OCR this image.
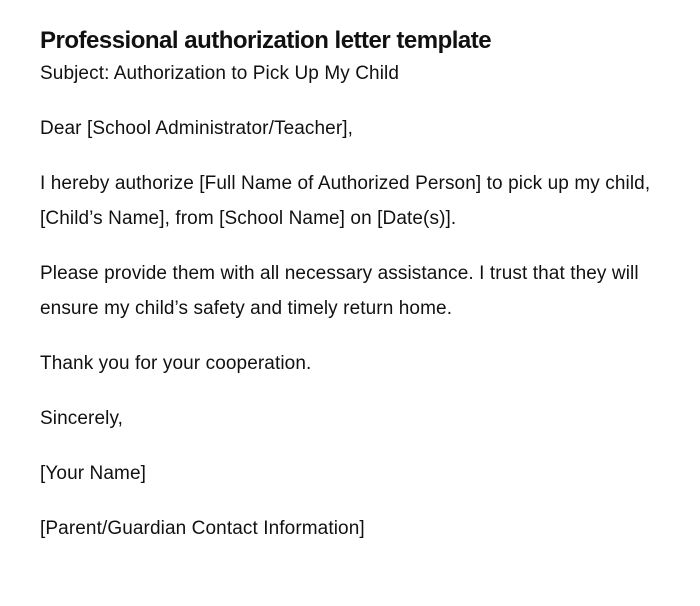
Professional authorization letter template

Subject: Authorization to Pick Up My Child

Dear [School Administrator/Teacher],

I hereby authorize [Full Name of Authorized Person] to pick up my child, [Child’s Name], from [School Name] on [Date(s)].

Please provide them with all necessary assistance. I trust that they will ensure my child’s safety and timely return home.

Thank you for your cooperation.

Sincerely,

[Your Name]

[Parent/Guardian Contact Information]
